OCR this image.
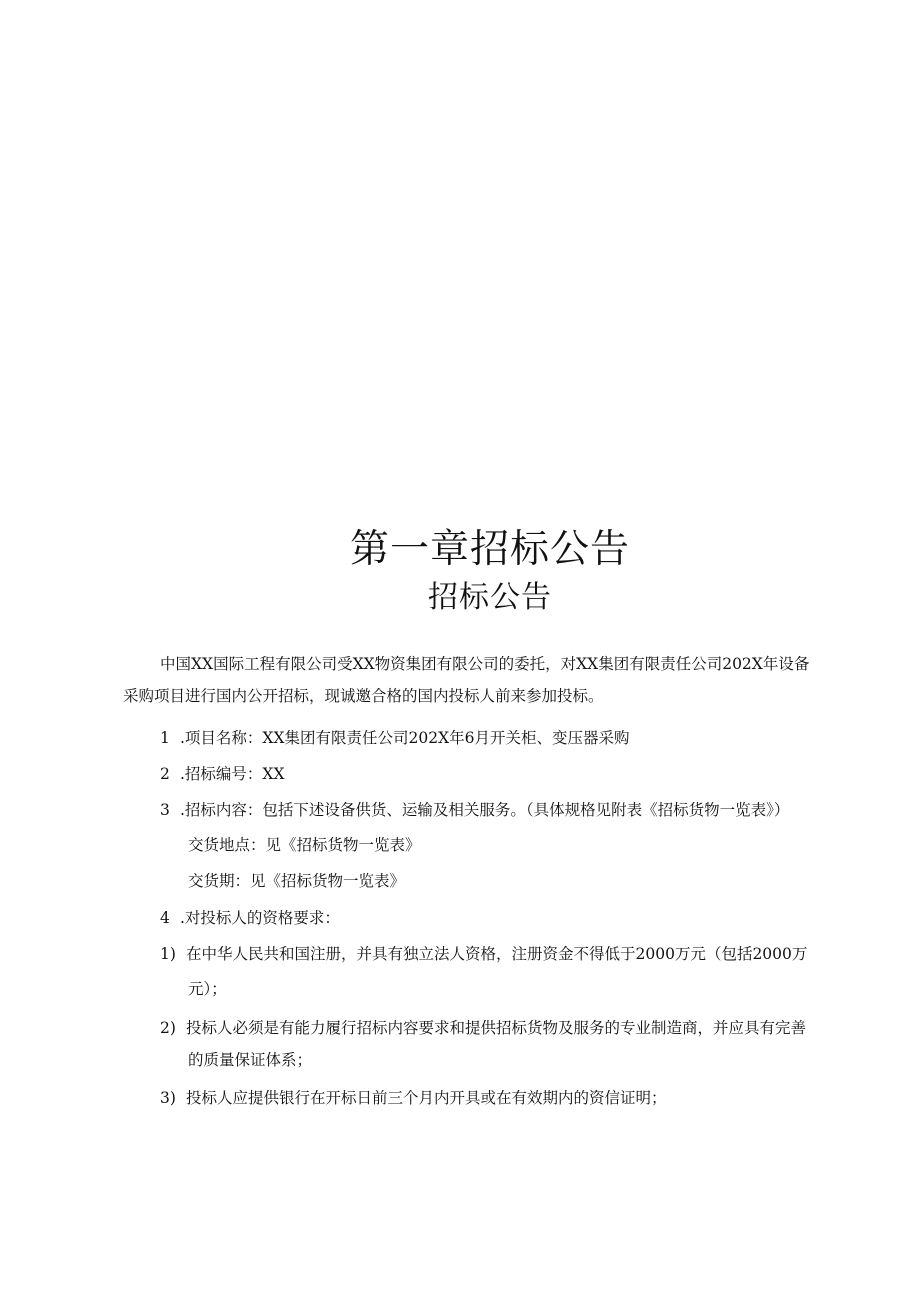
第一章招标公告
招标公告
中国XX国际工程有限公司受XX物资集团有限公司的委托，对XX集团有限责任公司202X年设备
采购项目进行国内公开招标，现诚邀合格的国内投标人前来参加投标。
1 .项目名称：XX集团有限责任公司202X年6月开关柜、变压器采购
2 .招标编号：XX
3 .招标内容：包括下述设备供货、运输及相关服务。（具体规格见附表《招标货物一览表》）
交货地点：见《招标货物一览表》
交货期：见《招标货物一览表》
4 .对投标人的资格要求：
1) 在中华人民共和国注册，并具有独立法人资格，注册资金不得低于2000万元（包括2000万
元）；
2) 投标人必须是有能力履行招标内容要求和提供招标货物及服务的专业制造商，并应具有完善
的质量保证体系；
3) 投标人应提供银行在开标日前三个月内开具或在有效期内的资信证明；
